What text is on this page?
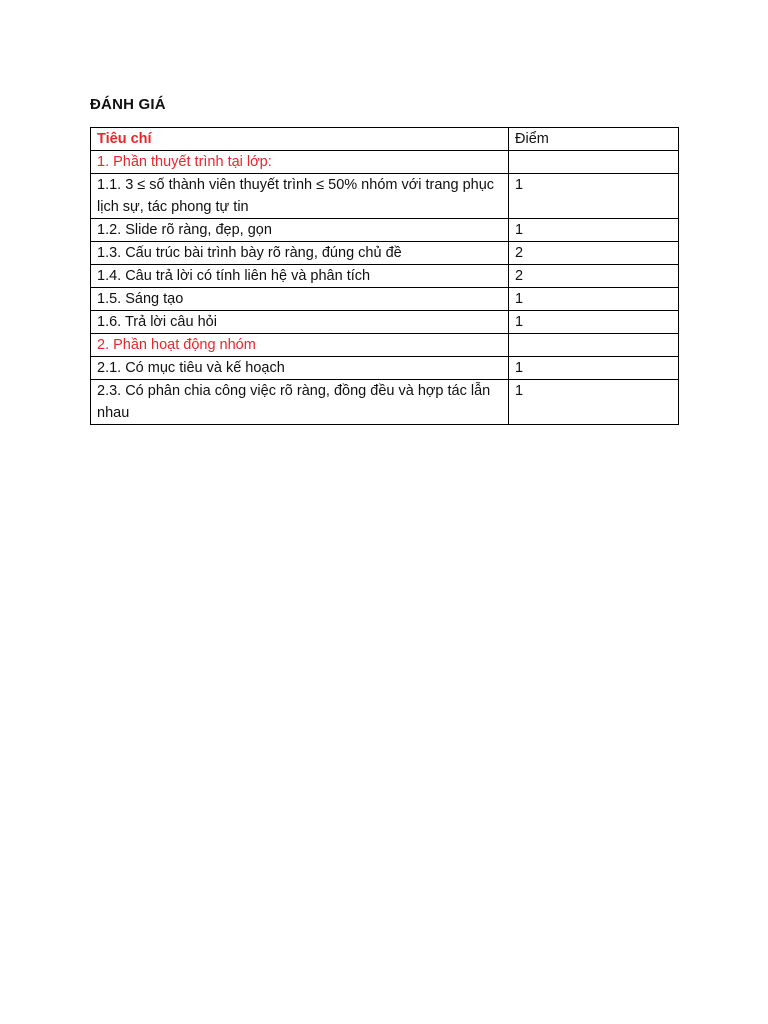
ĐÁNH GIÁ
Tiêu chí	Điểm
1. Phần thuyết trình tại lớp:	
1.1. 3 ≤ số thành viên thuyết trình ≤ 50% nhóm với trang phục lịch sự, tác phong tự tin	1
1.2. Slide rõ ràng, đẹp, gọn	1
1.3. Cấu trúc bài trình bày rõ ràng, đúng chủ đề	2
1.4. Câu trả lời có tính liên hệ và phân tích	2
1.5. Sáng tạo	1
1.6. Trả lời câu hỏi	1
2. Phần hoạt động nhóm	
2.1. Có mục tiêu và kế hoạch	1
2.3. Có phân chia công việc rõ ràng, đồng đều và hợp tác lẫn nhau	1
